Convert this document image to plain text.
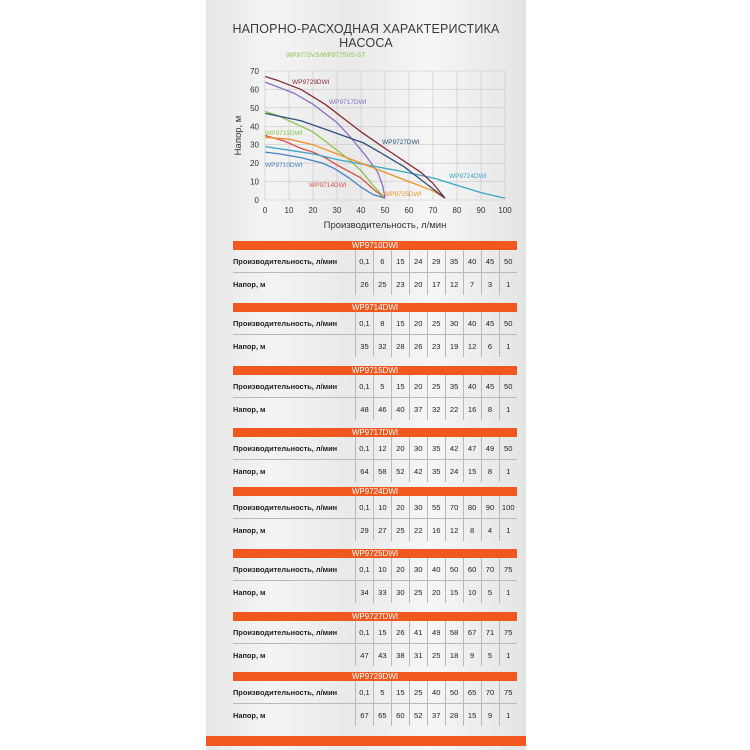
НАПОРНО-РАСХОДНАЯ ХАРАКТЕРИСТИКА НАСОСА
0 10 20 30 40 50 60 70 80 90 100
0
10
20
30
40
50
60
70
Производительность, л/мин
Напор, м
WP9710DWI
WP9714DWI
WP9715DWI
WP9717DWI
WP9724DWI
WP9725DWI
WP9727DWI
WP9729DWI
WP9775VS/WP9775VS-ST
WP9710DWI
Производительность, л/мин	0,1	6	15	24	29	35	40	45	50
Напор, м	26	25	23	20	17	12	7	3	1
WP9714DWI
Производительность, л/мин	0,1	8	15	20	25	30	40	45	50
Напор, м	35	32	28	26	23	19	12	6	1
WP9715DWI
Производительность, л/мин	0,1	5	15	20	25	35	40	45	50
Напор, м	48	46	40	37	32	22	16	8	1
WP9717DWI
Производительность, л/мин	0,1	12	20	30	35	42	47	49	50
Напор, м	64	58	52	42	35	24	15	8	1
WP9724DWI
Производительность, л/мин	0,1	10	20	30	55	70	80	90	100
Напор, м	29	27	25	22	16	12	8	4	1
WP9725DWI
Производительность, л/мин	0,1	10	20	30	40	50	60	70	75
Напор, м	34	33	30	25	20	15	10	5	1
WP9727DWI
Производительность, л/мин	0,1	15	26	41	49	58	67	71	75
Напор, м	47	43	38	31	25	18	9	5	1
WP9729DWI
Производительность, л/мин	0,1	5	15	25	40	50	65	70	75
Напор, м	67	65	60	52	37	28	15	9	1
